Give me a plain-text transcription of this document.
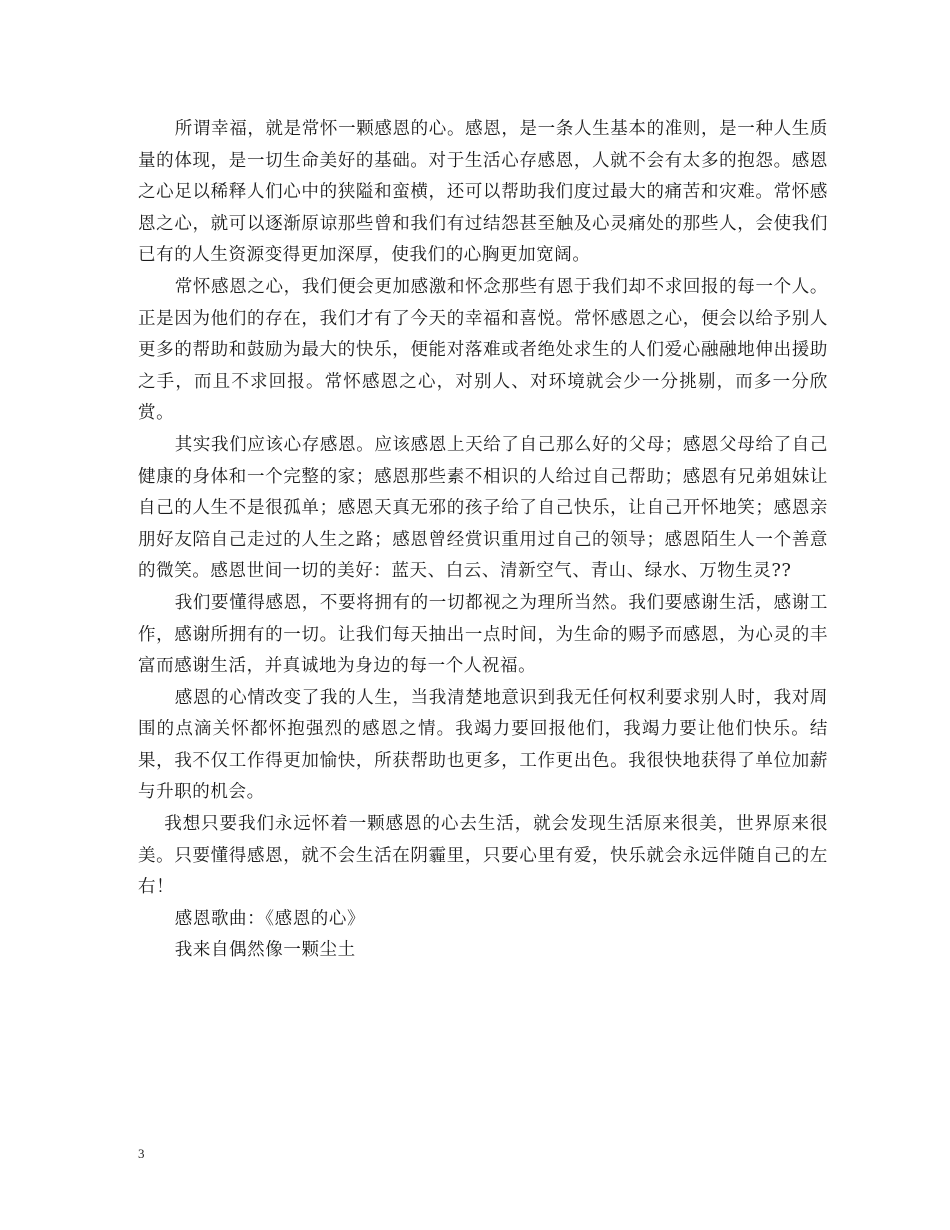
所谓幸福，就是常怀一颗感恩的心。感恩，是一条人生基本的准则，是一种人生质量的体现，是一切生命美好的基础。对于生活心存感恩，人就不会有太多的抱怨。感恩之心足以稀释人们心中的狭隘和蛮横，还可以帮助我们度过最大的痛苦和灾难。常怀感恩之心，就可以逐渐原谅那些曾和我们有过结怨甚至触及心灵痛处的那些人，会使我们已有的人生资源变得更加深厚，使我们的心胸更加宽阔。

常怀感恩之心，我们便会更加感激和怀念那些有恩于我们却不求回报的每一个人。正是因为他们的存在，我们才有了今天的幸福和喜悦。常怀感恩之心，便会以给予别人更多的帮助和鼓励为最大的快乐，便能对落难或者绝处求生的人们爱心融融地伸出援助之手，而且不求回报。常怀感恩之心，对别人、对环境就会少一分挑剔，而多一分欣赏。

其实我们应该心存感恩。应该感恩上天给了自己那么好的父母；感恩父母给了自己健康的身体和一个完整的家；感恩那些素不相识的人给过自己帮助；感恩有兄弟姐妹让自己的人生不是很孤单；感恩天真无邪的孩子给了自己快乐，让自己开怀地笑；感恩亲朋好友陪自己走过的人生之路；感恩曾经赏识重用过自己的领导；感恩陌生人一个善意的微笑。感恩世间一切的美好：蓝天、白云、清新空气、青山、绿水、万物生灵??

我们要懂得感恩，不要将拥有的一切都视之为理所当然。我们要感谢生活，感谢工作，感谢所拥有的一切。让我们每天抽出一点时间，为生命的赐予而感恩，为心灵的丰富而感谢生活，并真诚地为身边的每一个人祝福。

感恩的心情改变了我的人生，当我清楚地意识到我无任何权利要求别人时，我对周围的点滴关怀都怀抱强烈的感恩之情。我竭力要回报他们，我竭力要让他们快乐。结果，我不仅工作得更加愉快，所获帮助也更多，工作更出色。我很快地获得了单位加薪与升职的机会。

我想只要我们永远怀着一颗感恩的心去生活，就会发现生活原来很美，世界原来很美。只要懂得感恩，就不会生活在阴霾里，只要心里有爱，快乐就会永远伴随自己的左右！

感恩歌曲：《感恩的心》

我来自偶然像一颗尘土

3
